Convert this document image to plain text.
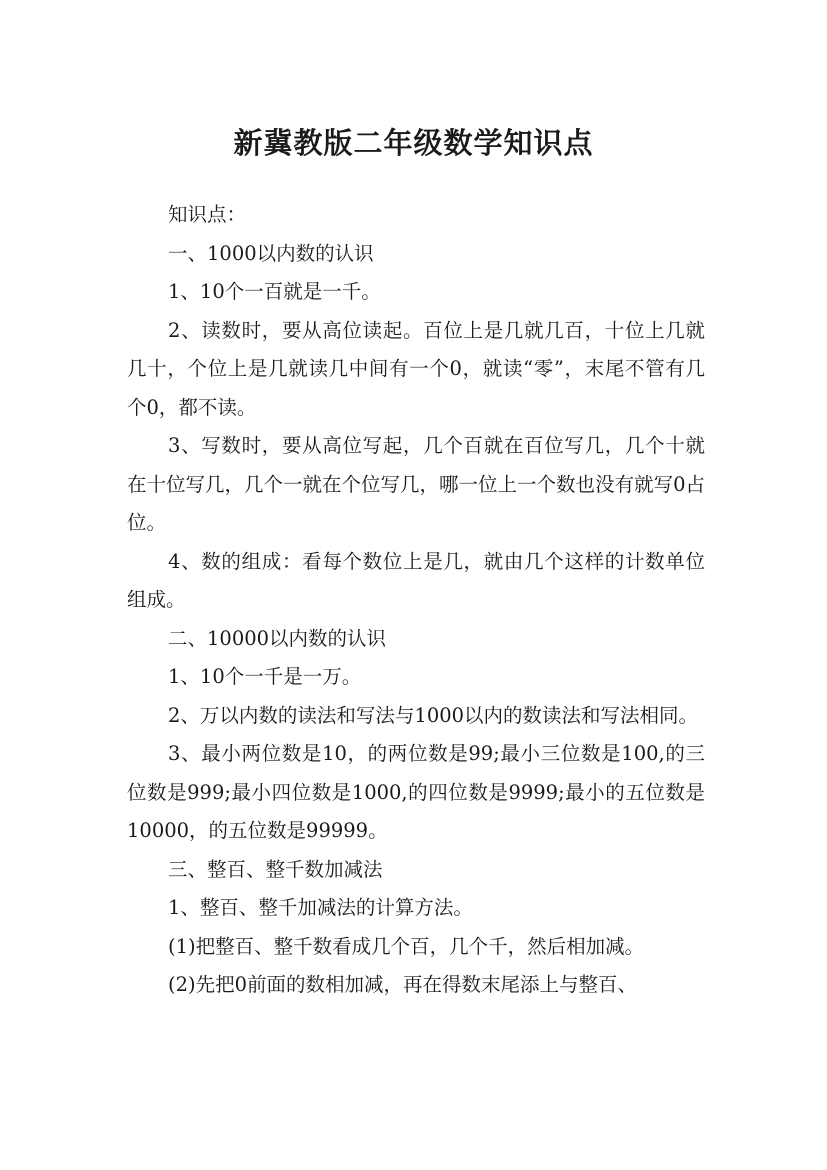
新冀教版二年级数学知识点

知识点：

一、1000以内数的认识

1、10个一百就是一千。

2、读数时，要从高位读起。百位上是几就几百，十位上几就几十，个位上是几就读几中间有一个0，就读“零”，末尾不管有几个0，都不读。

3、写数时，要从高位写起，几个百就在百位写几，几个十就在十位写几，几个一就在个位写几，哪一位上一个数也没有就写0占位。

4、数的组成：看每个数位上是几，就由几个这样的计数单位组成。

二、10000以内数的认识

1、10个一千是一万。

2、万以内数的读法和写法与1000以内的数读法和写法相同。

3、最小两位数是10，的两位数是99;最小三位数是100,的三位数是999;最小四位数是1000,的四位数是9999;最小的五位数是10000，的五位数是99999。

三、整百、整千数加减法

1、整百、整千加减法的计算方法。

(1)把整百、整千数看成几个百，几个千，然后相加减。

(2)先把0前面的数相加减，再在得数末尾添上与整百、
